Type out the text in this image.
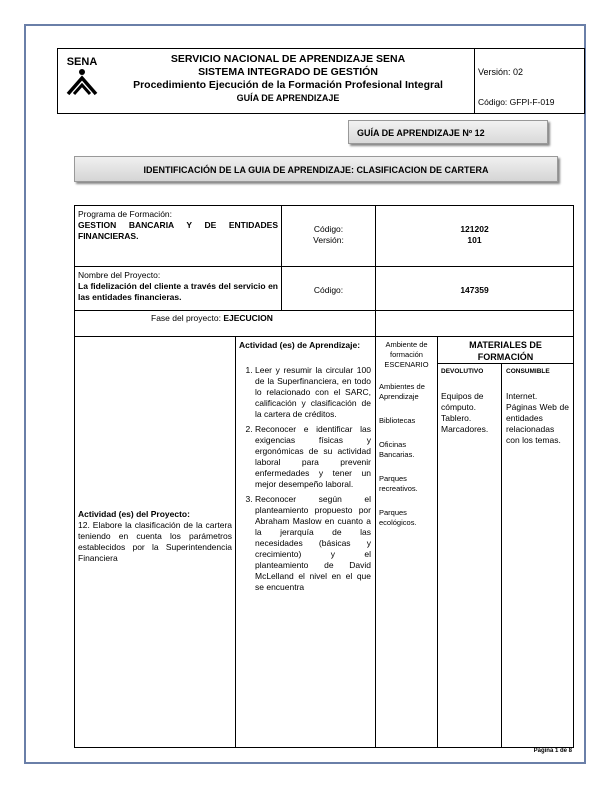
SENA	SERVICIO NACIONAL DE APRENDIZAJE SENA
SISTEMA INTEGRADO DE GESTIÓN
Procedimiento Ejecución de la Formación Profesional Integral
GUÍA DE APRENDIZAJE
Versión: 02
Código: GFPI-F-019
GUÍA DE APRENDIZAJE Nº 12
IDENTIFICACIÓN DE LA GUIA DE APRENDIZAJE: CLASIFICACION DE CARTERA
Programa de Formación:
GESTION BANCARIA Y DE ENTIDADES FINANCIERAS.
Código:
Versión:
121202
101
Nombre del Proyecto:
La fidelización del cliente a través del servicio en las entidades financieras.
Código:	147359
Fase del proyecto: EJECUCION
Actividad (es) del Proyecto:
12. Elabore la clasificación de la cartera teniendo en cuenta los parámetros establecidos por la Superintendencia Financiera
Actividad (es) de Aprendizaje:
1. Leer y resumir la circular 100 de la Superfinanciera, en todo lo relacionado con el SARC, calificación y clasificación de la cartera de créditos.
2. Reconocer e identificar las exigencias físicas y ergonómicas de su actividad laboral para prevenir enfermedades y tener un mejor desempeño laboral.
3. Reconocer según el planteamiento propuesto por Abraham Maslow en cuanto a la jerarquía de las necesidades (básicas y crecimiento) y el planteamiento de David McLelland el nivel en el que se encuentra
Ambiente de formación ESCENARIO
Ambientes de Aprendizaje
Bibliotecas
Oficinas Bancarias.
Parques recreativos.
Parques ecológicos.
MATERIALES DE FORMACIÓN
DEVOLUTIVO
Equipos de cómputo. Tablero. Marcadores.
CONSUMIBLE
Internet. Páginas Web de entidades relacionadas con los temas.
Página 1 de 8
